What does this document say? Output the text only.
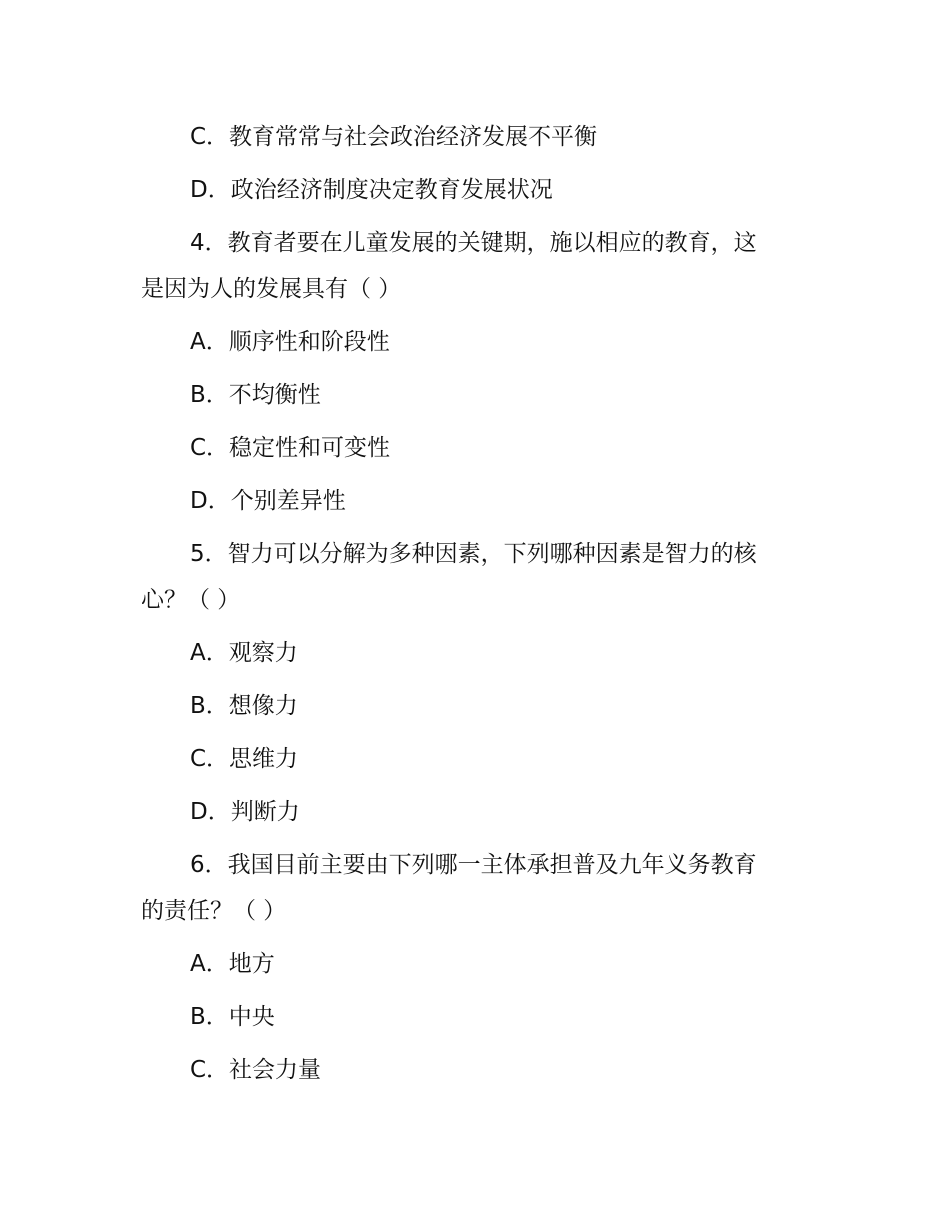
C．教育常常与社会政治经济发展不平衡

D．政治经济制度决定教育发展状况

4．教育者要在儿童发展的关键期，施以相应的教育，这

是因为人的发展具有（ ）

A．顺序性和阶段性

B．不均衡性

C．稳定性和可变性

D．个别差异性

5．智力可以分解为多种因素，下列哪种因素是智力的核

心？（ ）

A．观察力

B．想像力

C．思维力

D．判断力

6．我国目前主要由下列哪一主体承担普及九年义务教育

的责任？（ ）

A．地方

B．中央

C．社会力量
